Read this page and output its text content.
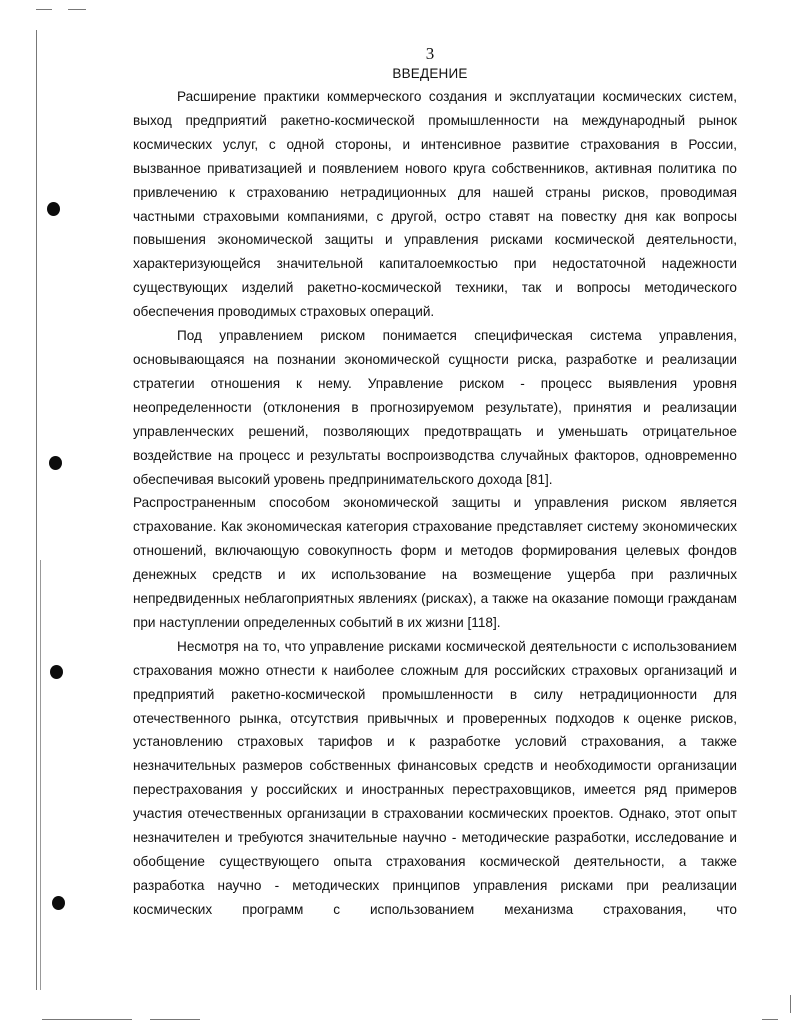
3
ВВЕДЕНИЕ

Расширение практики коммерческого создания и эксплуатации космических систем, выход предприятий ракетно-космической промышленности на международный рынок космических услуг, с одной стороны, и интенсивное развитие страхования в России, вызванное приватизацией и появлением нового круга собственников, активная политика по привлечению к страхованию нетрадиционных для нашей страны рисков, проводимая частными страховыми компаниями, с другой, остро ставят на повестку дня как вопросы повышения экономической защиты и управления рисками космической деятельности, характеризующейся значительной капиталоемкостью при недостаточной надежности существующих изделий ракетно-космической техники, так и вопросы методического обеспечения проводимых страховых операций.

Под управлением риском понимается специфическая система управления, основывающаяся на познании экономической сущности риска, разработке и реализации стратегии отношения к нему. Управление риском - процесс выявления уровня неопределенности (отклонения в прогнозируемом результате), принятия и реализации управленческих решений, позволяющих предотвращать и уменьшать отрицательное воздействие на процесс и результаты воспроизводства случайных факторов, одновременно обеспечивая высокий уровень предпринимательского дохода [81].

Распространенным способом экономической защиты и управления риском является страхование. Как экономическая категория страхование представляет систему экономических отношений, включающую совокупность форм и методов формирования целевых фондов денежных средств и их использование на возмещение ущерба при различных непредвиденных неблагоприятных явлениях (рисках), а также на оказание помощи гражданам при наступлении определенных событий в их жизни [118].

Несмотря на то, что управление рисками космической деятельности с использованием страхования можно отнести к наиболее сложным для российских страховых организаций и предприятий ракетно-космической промышленности в силу нетрадиционности для отечественного рынка, отсутствия привычных и проверенных подходов к оценке рисков, установлению страховых тарифов и к разработке условий страхования, а также незначительных размеров собственных финансовых средств и необходимости организации перестрахования у российских и иностранных перестраховщиков, имеется ряд примеров участия отечественных организации в страховании космических проектов. Однако, этот опыт незначителен и требуются значительные научно - методические разработки, исследование и обобщение существующего опыта страхования космической деятельности, а также разработка научно - методических принципов управления рисками при реализации космических программ с использованием механизма страхования, что
